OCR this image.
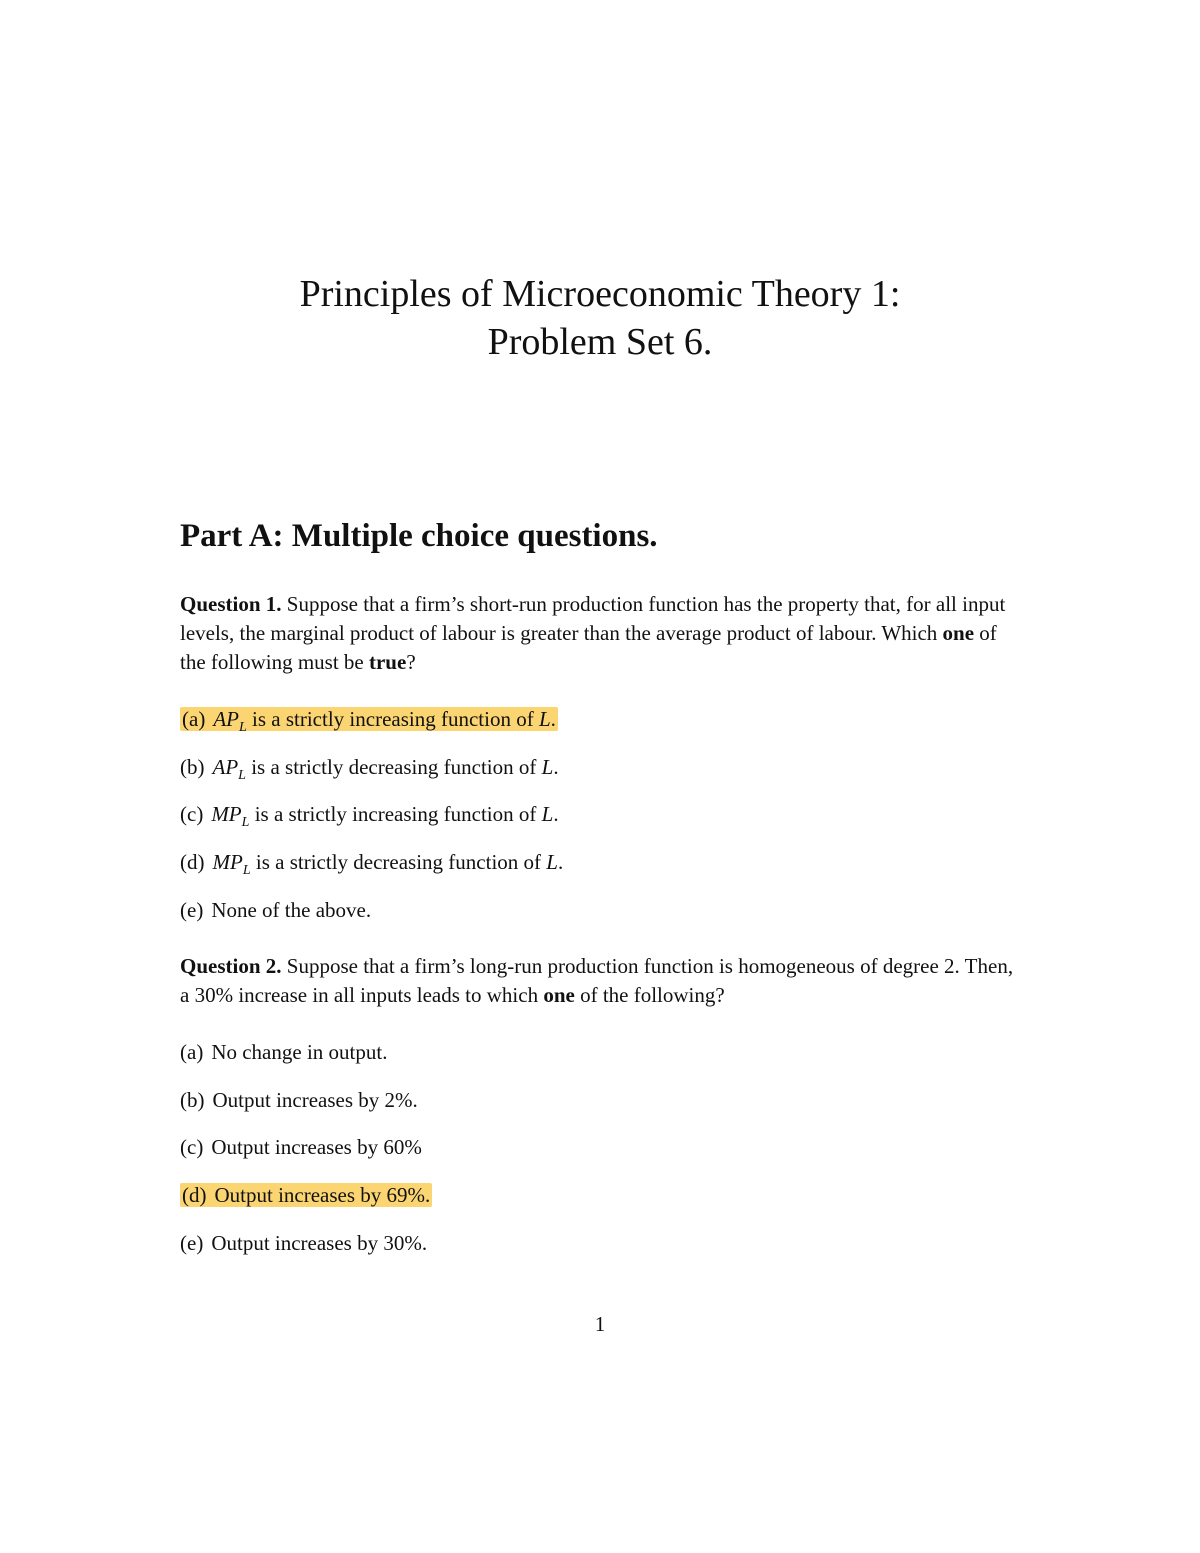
Principles of Microeconomic Theory 1:
Problem Set 6.
Part A: Multiple choice questions.

Question 1. Suppose that a firm’s short-run production function has the property that, for all input levels, the marginal product of labour is greater than the average product of labour. Which one of the following must be true?

(a) $AP_L$ is a strictly increasing function of L.
(b) $AP_L$ is a strictly decreasing function of L.
(c) $MP_L$ is a strictly increasing function of L.
(d) $MP_L$ is a strictly decreasing function of L.
(e) None of the above.

Question 2. Suppose that a firm’s long-run production function is homogeneous of degree 2. Then, a 30% increase in all inputs leads to which one of the following?

(a) No change in output.
(b) Output increases by 2%.
(c) Output increases by 60%
(d) Output increases by 69%.
(e) Output increases by 30%.
1
